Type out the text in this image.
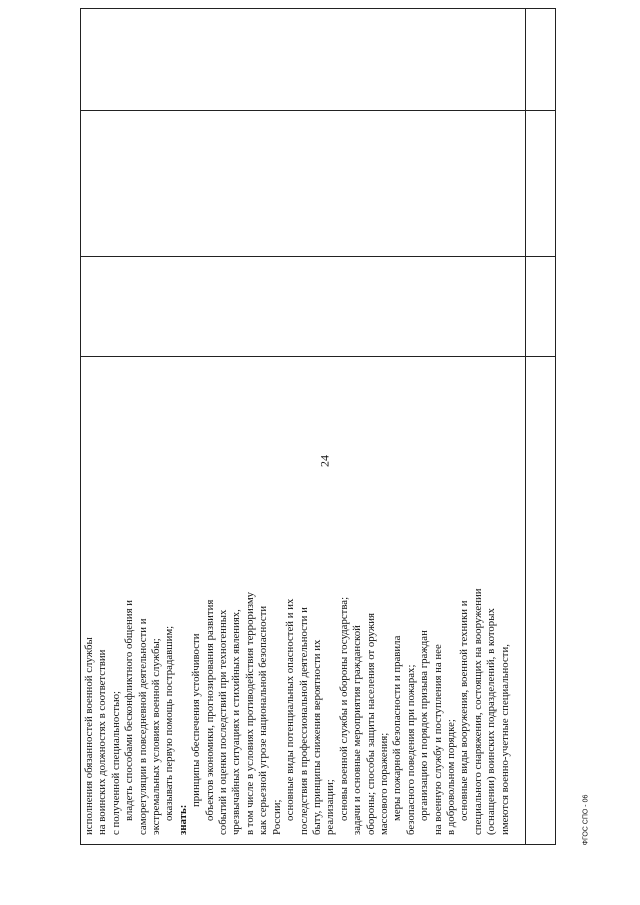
24
исполнения обязанностей военной службы на воинских должностях в соответствии с полученной специальностью; владеть способами бесконфликтного общения и саморегуляции в повседневной деятельности и экстремальных условиях военной службы; оказывать первую помощь пострадавшим; знать:
принципы обеспечения устойчивости объектов экономики, прогнозирования развития событий и оценки последствий при техногенных чрезвычайных ситуациях и стихийных явлениях, в том числе в условиях противодействия терроризму как серьезной угрозе национальной безопасности России; основные виды потенциальных опасностей и их последствия в профессиональной деятельности и быту, принципы снижения вероятности их реализации; основы военной службы и обороны государства; задачи и основные мероприятия гражданской обороны; способы защиты населения от оружия массового поражения; меры пожарной безопасности и правила безопасного поведения при пожарах; организацию и порядок призыва граждан на военную службу и поступления на нее в добровольном порядке; основные виды вооружения, военной техники и специального снаряжения, состоящих на вооружении (оснащении) воинских подразделений, в которых имеются военно-учетные специальности,	ФГОС СПО - 06
